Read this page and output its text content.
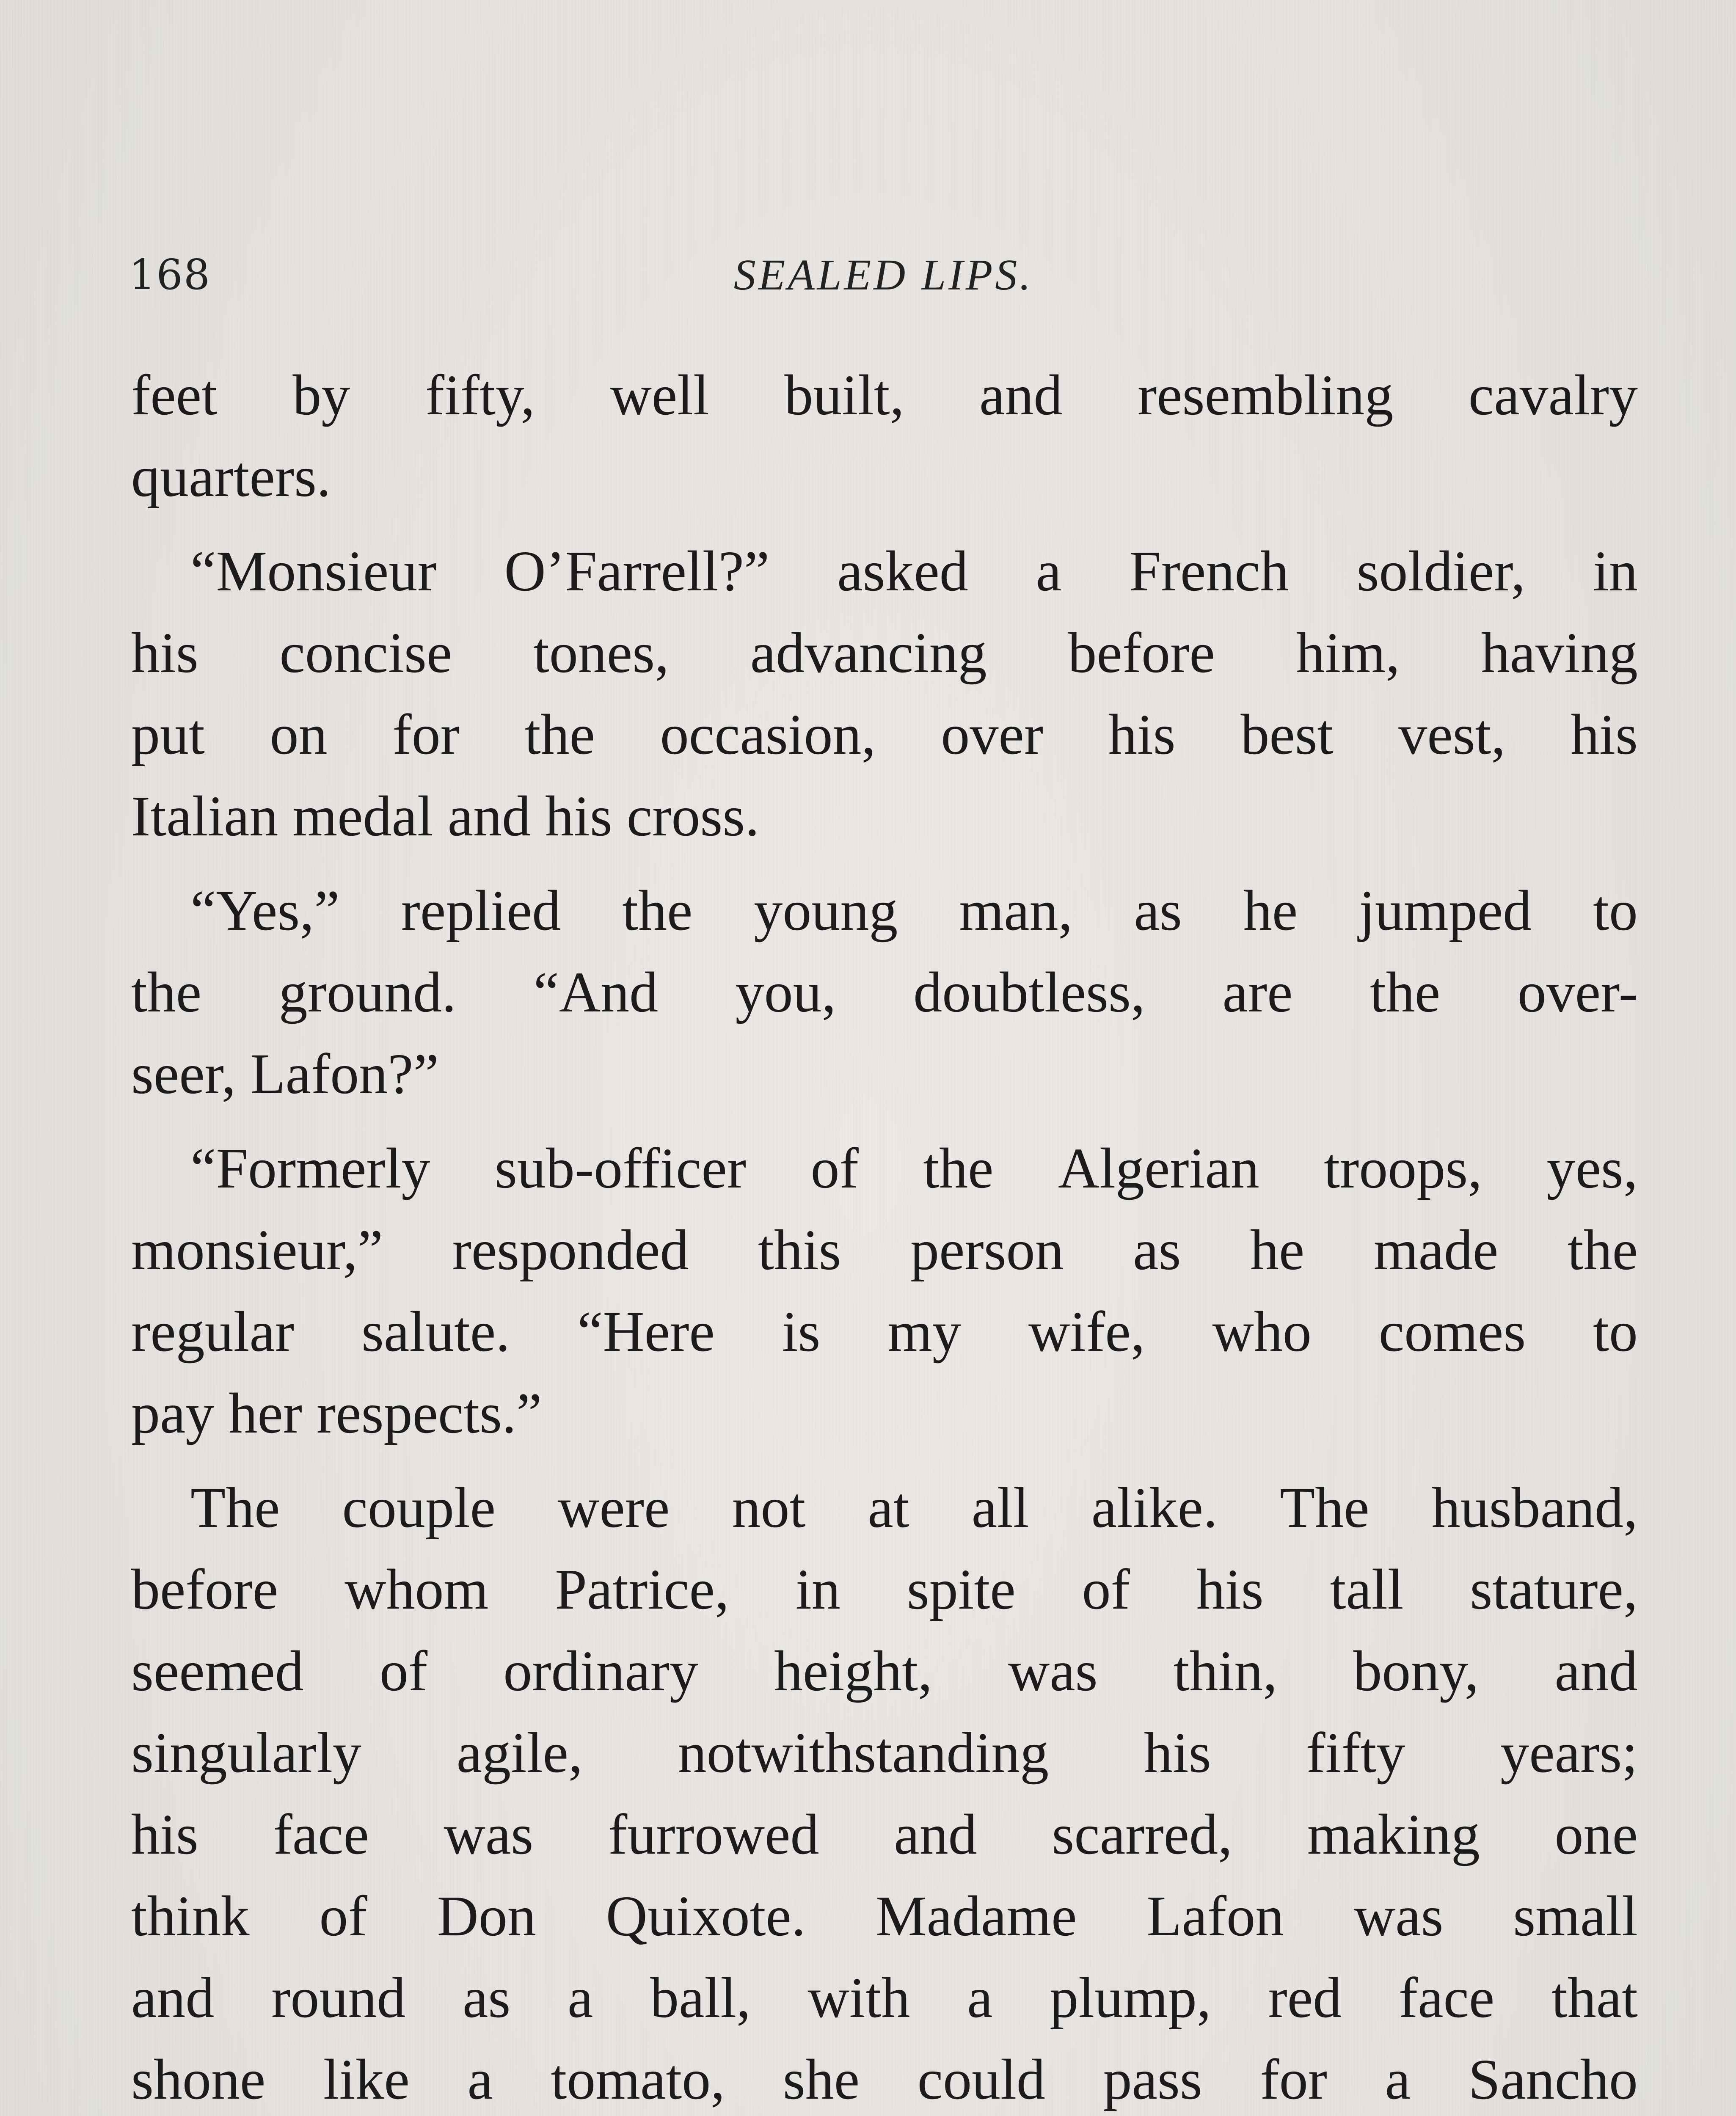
168	SEALED LIPS.
feet by fifty, well built, and resembling cavalry
quarters.
“Monsieur O’Farrell?” asked a French soldier, in
his concise tones, advancing before him, having
put on for the occasion, over his best vest, his
Italian medal and his cross.
“Yes,” replied the young man, as he jumped to
the ground. “And you, doubtless, are the over-
seer, Lafon?”
“Formerly sub-officer of the Algerian troops, yes,
monsieur,” responded this person as he made the
regular salute. “Here is my wife, who comes to
pay her respects.”
The couple were not at all alike. The husband,
before whom Patrice, in spite of his tall stature,
seemed of ordinary height, was thin, bony, and
singularly agile, notwithstanding his fifty years;
his face was furrowed and scarred, making one
think of Don Quixote. Madame Lafon was small
and round as a ball, with a plump, red face that
shone like a tomato, she could pass for a Sancho
